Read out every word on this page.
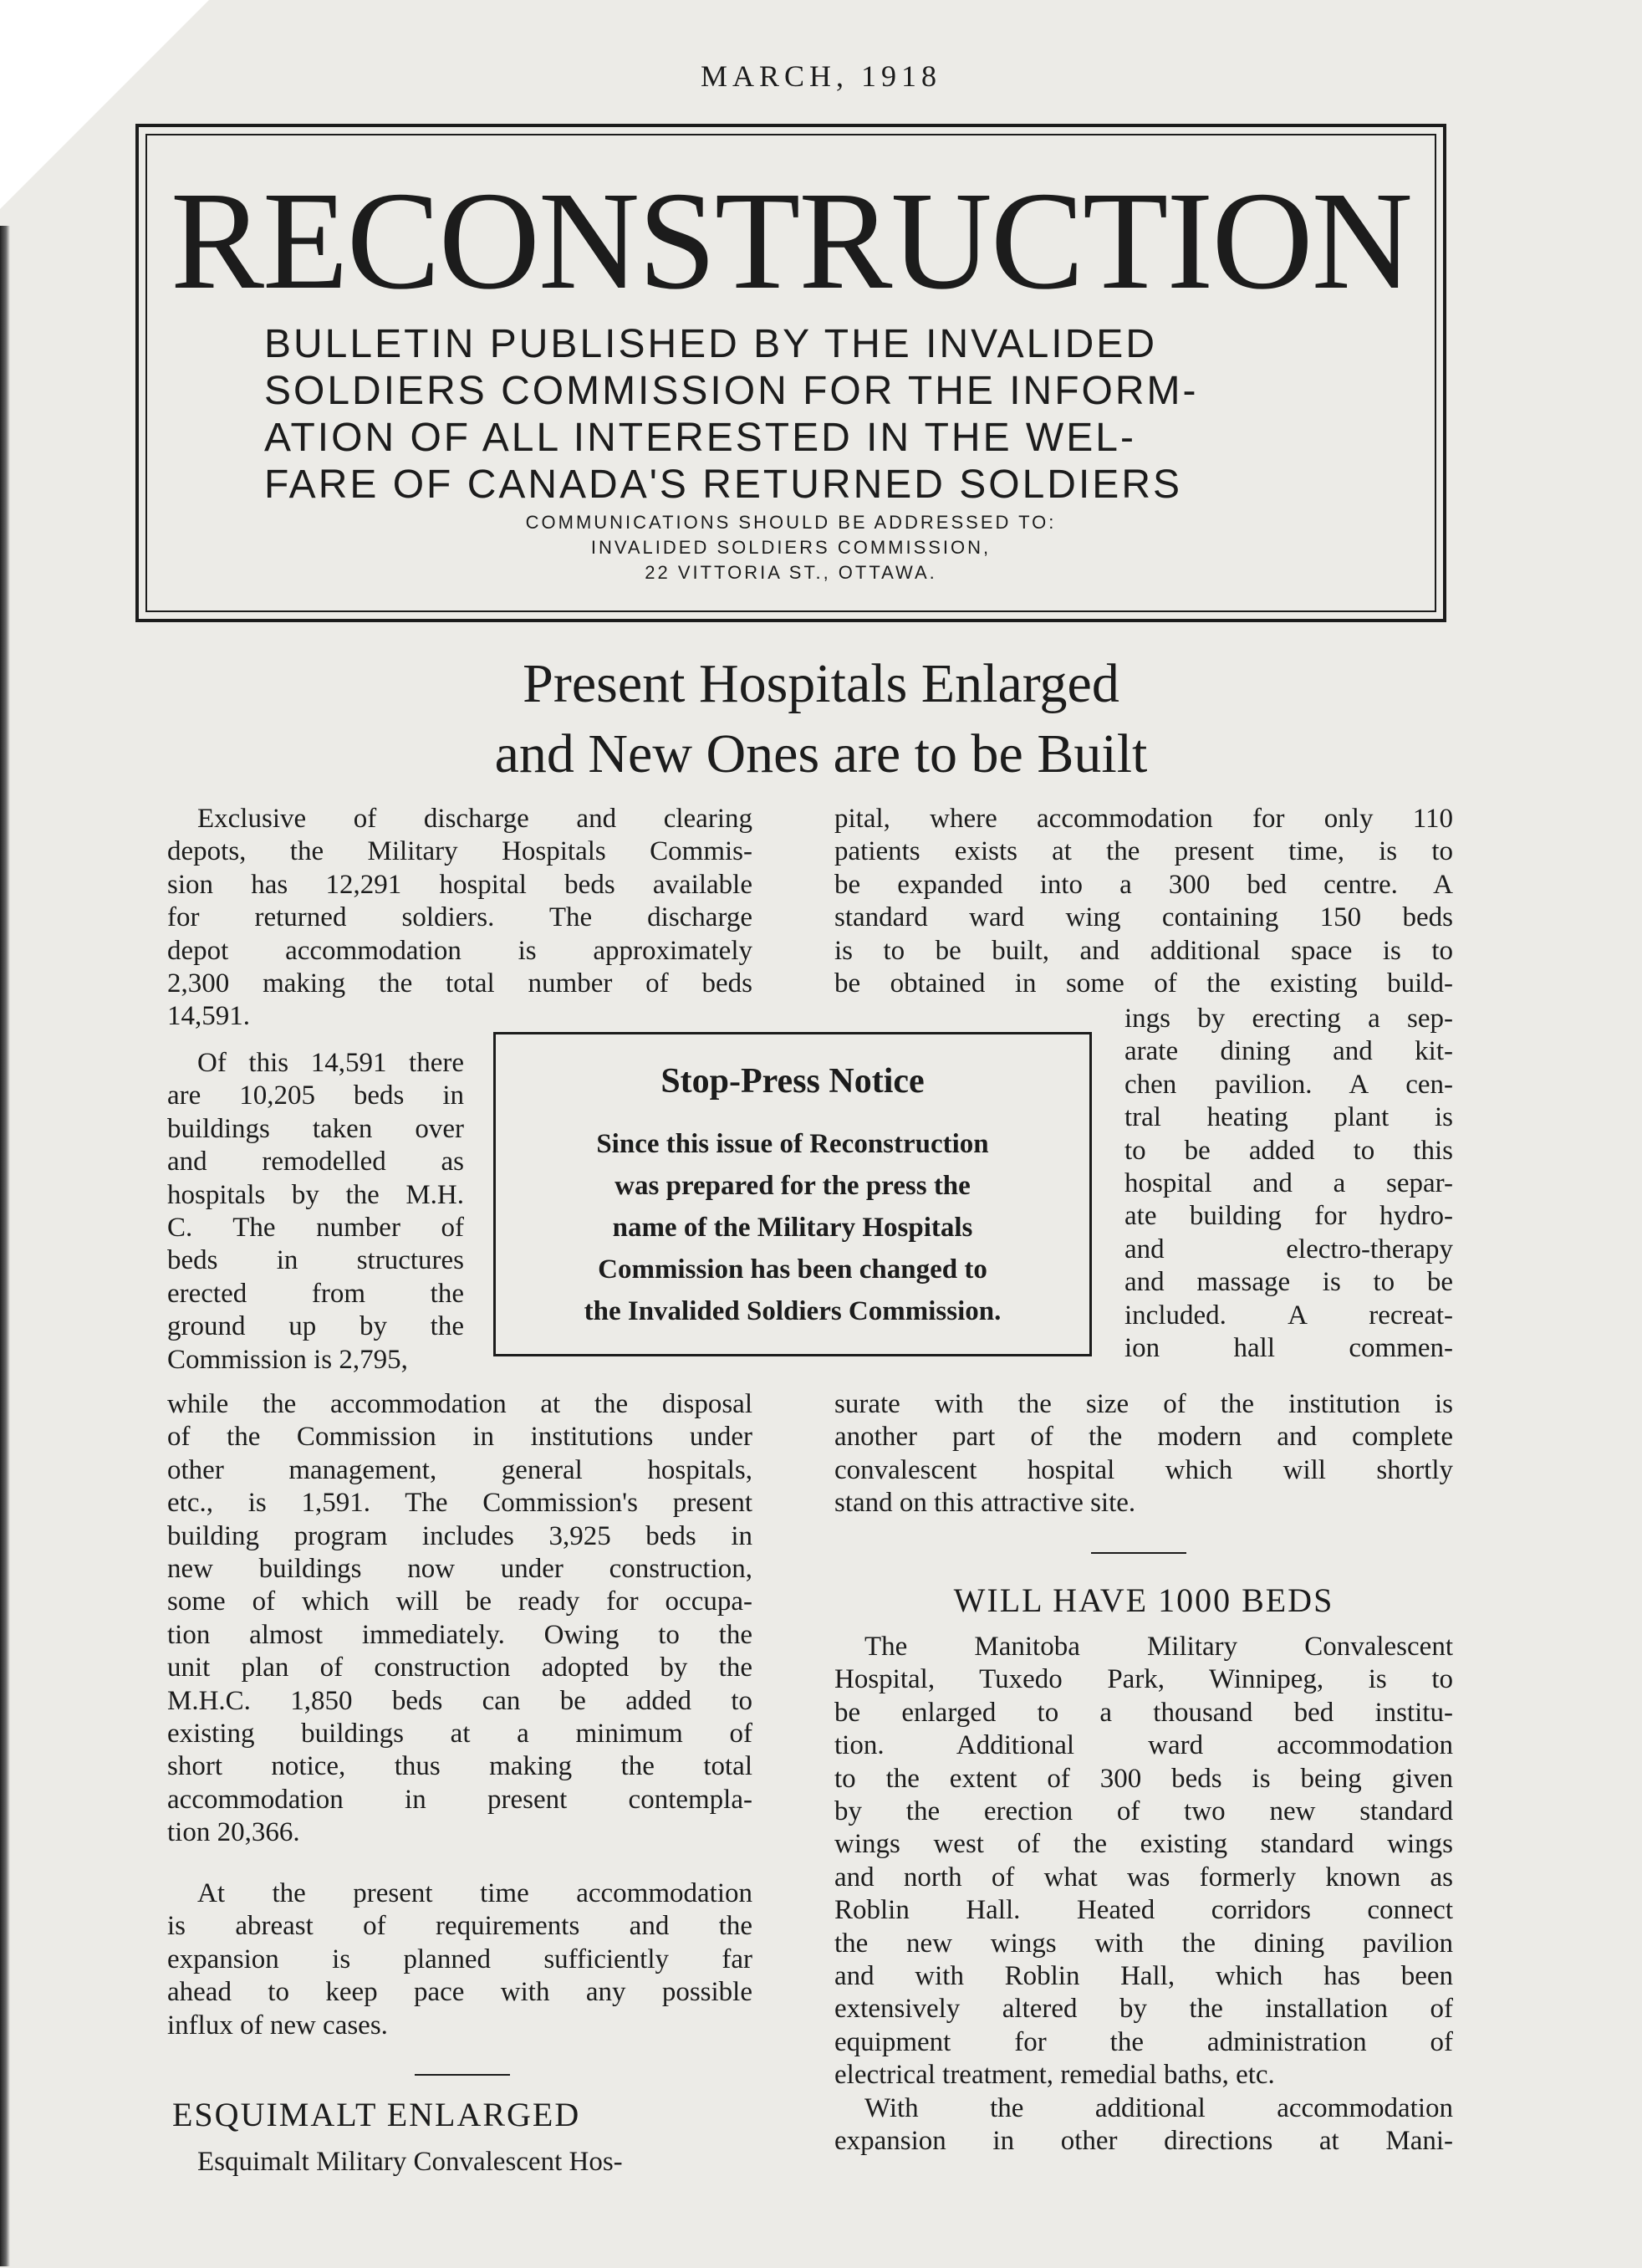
MARCH, 1918
RECONSTRUCTION
BULLETIN PUBLISHED BY THE INVALIDED
SOLDIERS COMMISSION FOR THE INFORM-
ATION OF ALL INTERESTED IN THE WEL-
FARE OF CANADA'S RETURNED SOLDIERS
COMMUNICATIONS SHOULD BE ADDRESSED TO:
INVALIDED SOLDIERS COMMISSION,
22 VITTORIA ST., OTTAWA.
Present Hospitals Enlarged
and New Ones are to be Built
Exclusive of discharge and clearing
depots, the Military Hospitals Commis-
sion has 12,291 hospital beds available
for returned soldiers. The discharge
depot accommodation is approximately
2,300 making the total number of beds
14,591.
Of this 14,591 there
are 10,205 beds in
buildings taken over
and remodelled as
hospitals by the M.H.
C. The number of
beds in structures
erected from the
ground up by the
Commission is 2,795,
while the accommodation at the disposal
of the Commission in institutions under
other management, general hospitals,
etc., is 1,591. The Commission's present
building program includes 3,925 beds in
new buildings now under construction,
some of which will be ready for occupa-
tion almost immediately. Owing to the
unit plan of construction adopted by the
M.H.C. 1,850 beds can be added to
existing buildings at a minimum of
short notice, thus making the total
accommodation in present contempla-
tion 20,366.
At the present time accommodation
is abreast of requirements and the
expansion is planned sufficiently far
ahead to keep pace with any possible
influx of new cases.
ESQUIMALT ENLARGED
Esquimalt Military Convalescent Hos-
Stop-Press Notice
Since this issue of Reconstruction
was prepared for the press the
name of the Military Hospitals
Commission has been changed to
the Invalided Soldiers Commission.
pital, where accommodation for only 110
patients exists at the present time, is to
be expanded into a 300 bed centre. A
standard ward wing containing 150 beds
is to be built, and additional space is to
be obtained in some of the existing build-
ings by erecting a sep-
arate dining and kit-
chen pavilion. A cen-
tral heating plant is
to be added to this
hospital and a separ-
ate building for hydro-
and electro-therapy
and massage is to be
included. A recreat-
ion hall commen-
surate with the size of the institution is
another part of the modern and complete
convalescent hospital which will shortly
stand on this attractive site.
WILL HAVE 1000 BEDS
The Manitoba Military Convalescent
Hospital, Tuxedo Park, Winnipeg, is to
be enlarged to a thousand bed institu-
tion. Additional ward accommodation
to the extent of 300 beds is being given
by the erection of two new standard
wings west of the existing standard wings
and north of what was formerly known as
Roblin Hall. Heated corridors connect
the new wings with the dining pavilion
and with Roblin Hall, which has been
extensively altered by the installation of
equipment for the administration of
electrical treatment, remedial baths, etc.
With the additional accommodation
expansion in other directions at Mani-
